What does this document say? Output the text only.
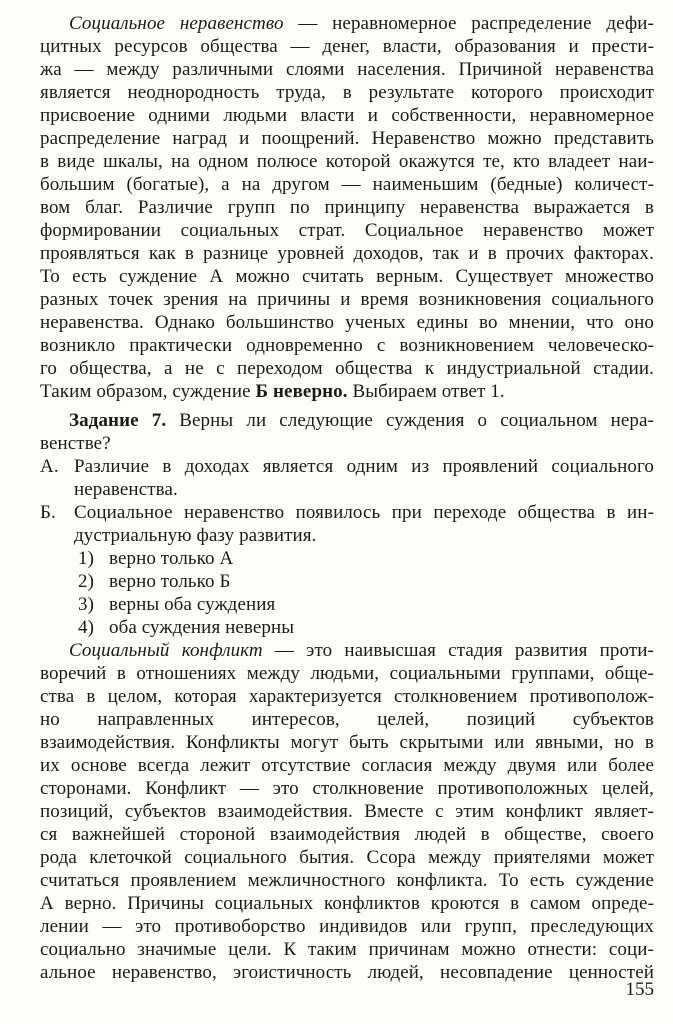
Социальное неравенство — неравномерное распределение дефи-
цитных ресурсов общества — денег, власти, образования и прести-
жа — между различными слоями населения. Причиной неравенства
является неоднородность труда, в результате которого происходит
присвоение одними людьми власти и собственности, неравномерное
распределение наград и поощрений. Неравенство можно представить
в виде шкалы, на одном полюсе которой окажутся те, кто владеет наи-
большим (богатые), а на другом — наименьшим (бедные) количест-
вом благ. Различие групп по принципу неравенства выражается в
формировании социальных страт. Социальное неравенство может
проявляться как в разнице уровней доходов, так и в прочих факторах.
То есть суждение А можно считать верным. Существует множество
разных точек зрения на причины и время возникновения социального
неравенства. Однако большинство ученых едины во мнении, что оно
возникло практически одновременно с возникновением человеческо-
го общества, а не с переходом общества к индустриальной стадии.
Таким образом, суждение Б неверно. Выбираем ответ 1.
Задание 7. Верны ли следующие суждения о социальном нера-
венстве?
А. Различие в доходах является одним из проявлений социального
неравенства.
Б. Социальное неравенство появилось при переходе общества в ин-
дустриальную фазу развития.
1) верно только А
2) верно только Б
3) верны оба суждения
4) оба суждения неверны
Социальный конфликт — это наивысшая стадия развития проти-
воречий в отношениях между людьми, социальными группами, обще-
ства в целом, которая характеризуется столкновением противополож-
но направленных интересов, целей, позиций субъектов
взаимодействия. Конфликты могут быть скрытыми или явными, но в
их основе всегда лежит отсутствие согласия между двумя или более
сторонами. Конфликт — это столкновение противоположных целей,
позиций, субъектов взаимодействия. Вместе с этим конфликт являет-
ся важнейшей стороной взаимодействия людей в обществе, своего
рода клеточкой социального бытия. Ссора между приятелями может
считаться проявлением межличностного конфликта. То есть суждение
А верно. Причины социальных конфликтов кроются в самом опреде-
лении — это противоборство индивидов или групп, преследующих
социально значимые цели. К таким причинам можно отнести: соци-
альное неравенство, эгоистичность людей, несовпадение ценностей
155
